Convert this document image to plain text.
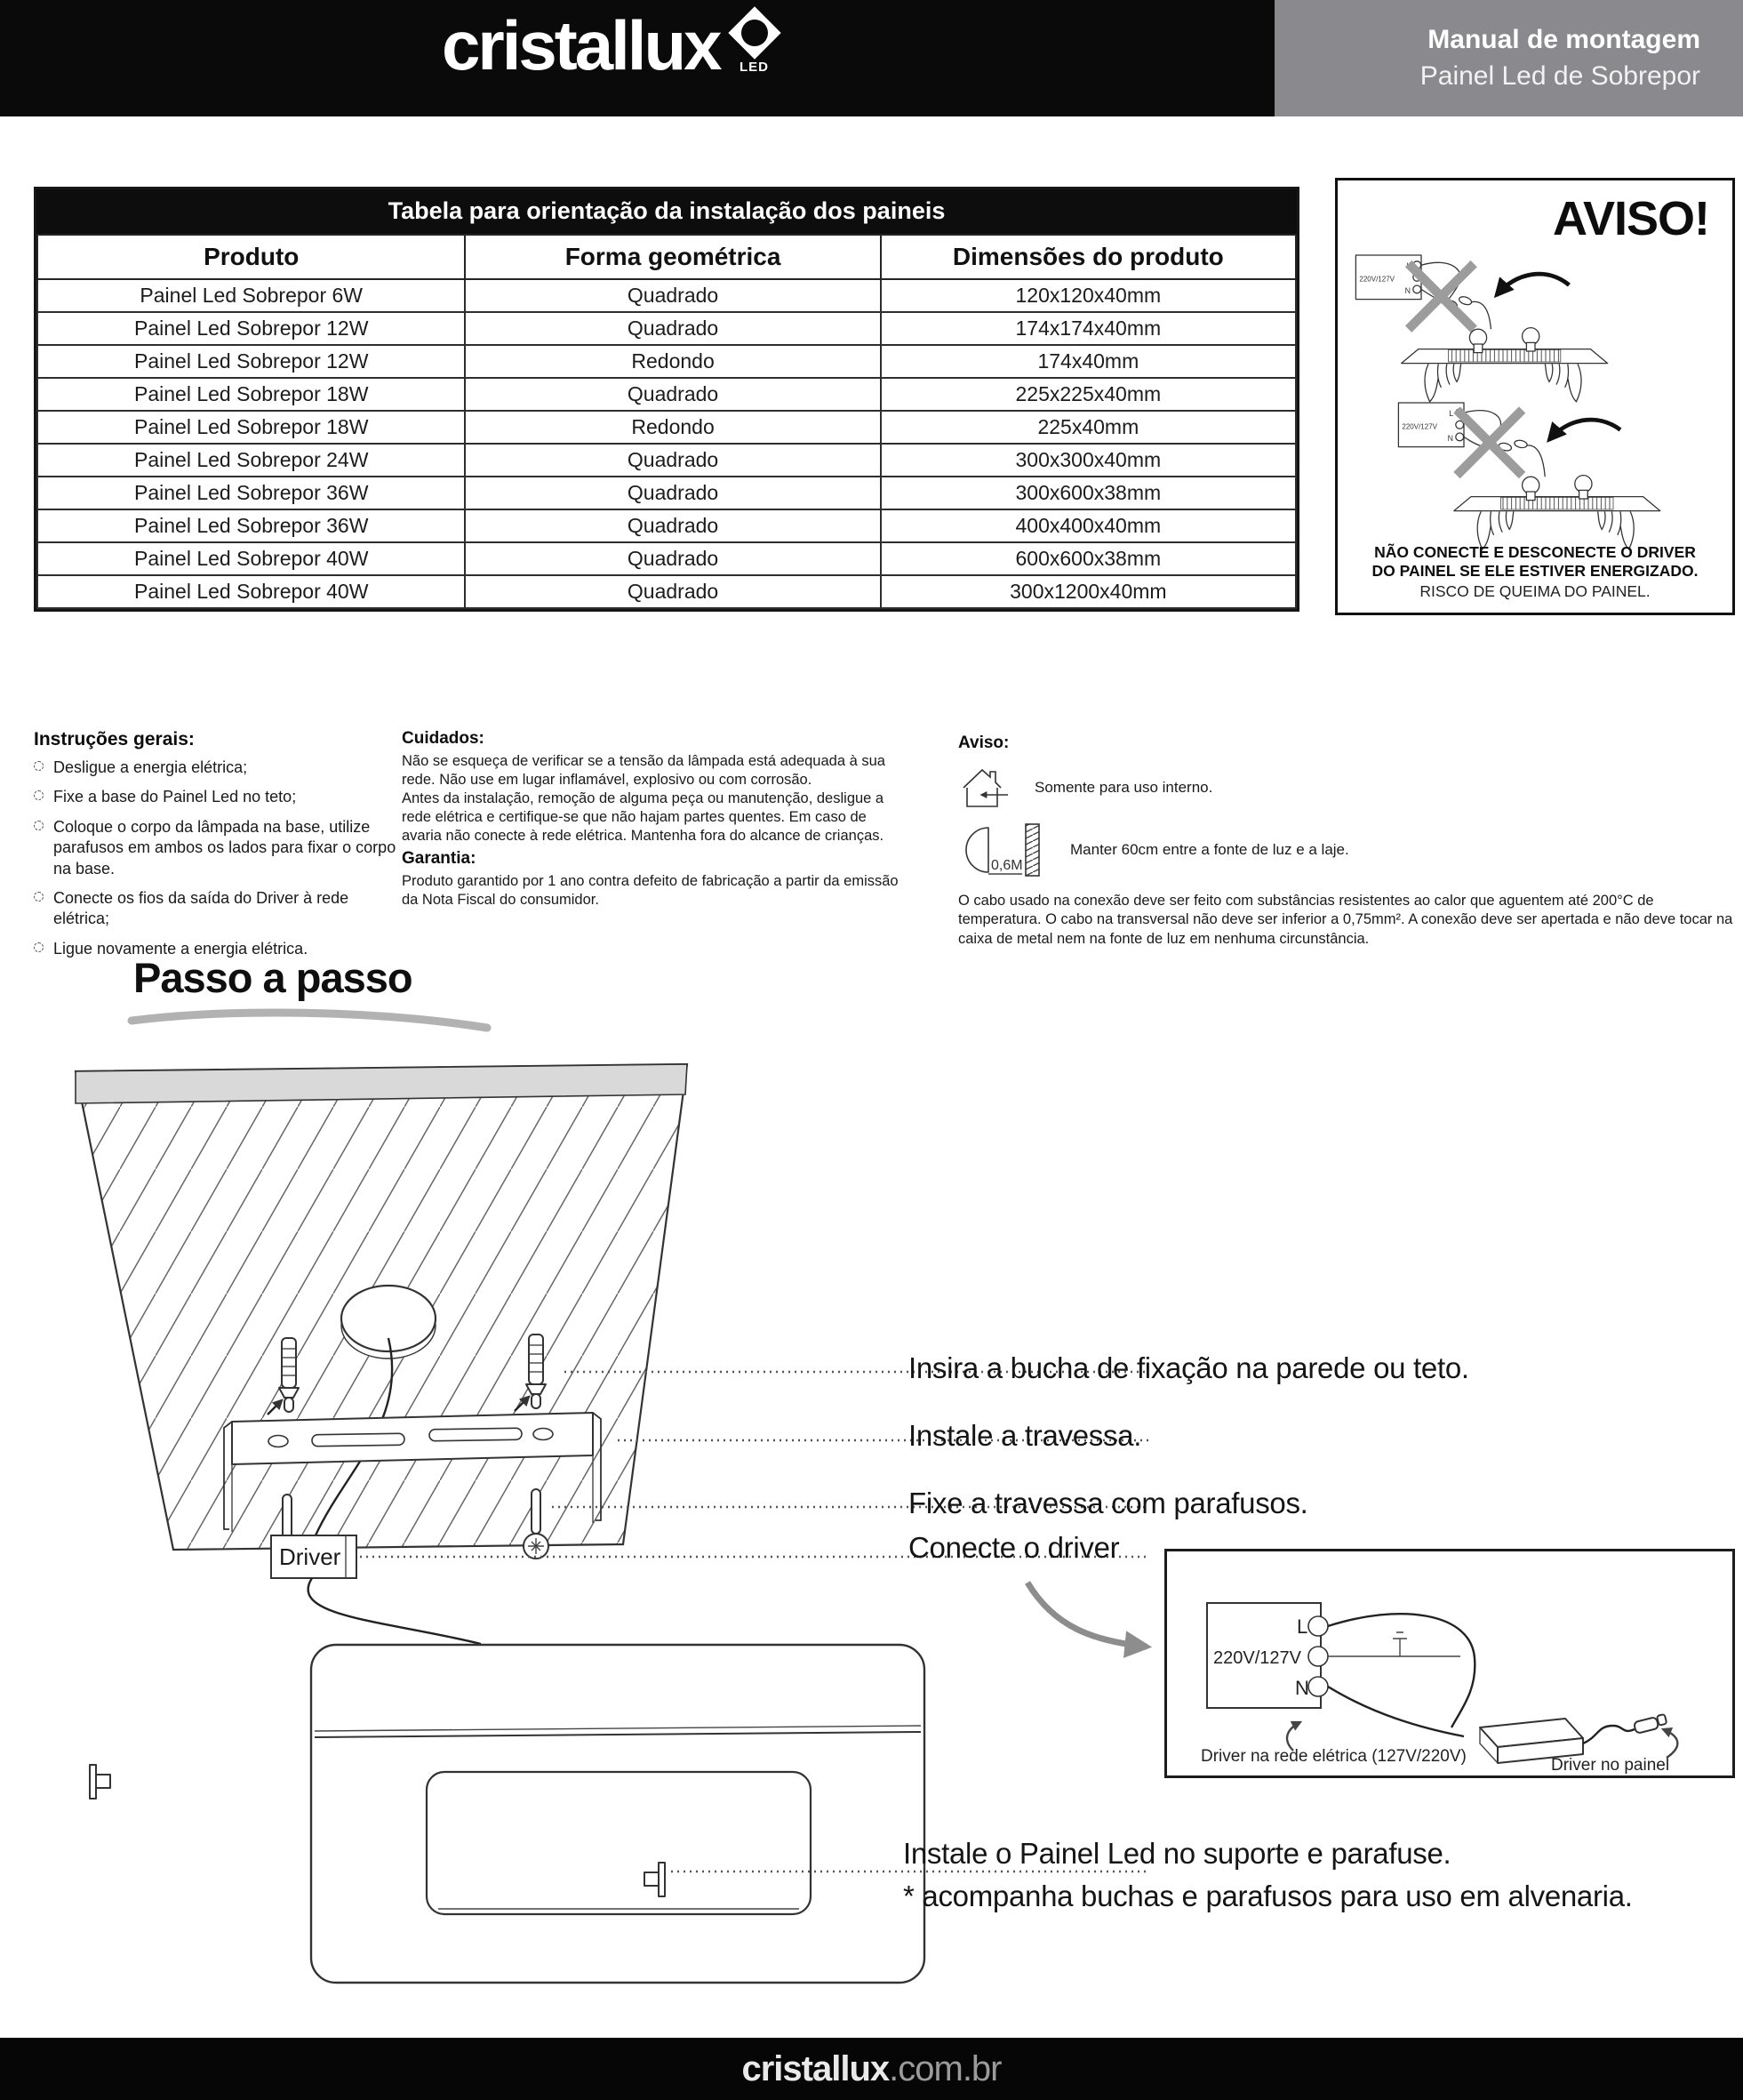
cristallux LED
Manual de montagem
Painel Led de Sobrepor
Tabela para orientação da instalação dos paineis
Produto	Forma geométrica	Dimensões do produto
Painel Led Sobrepor 6W	Quadrado	120x120x40mm
Painel Led Sobrepor 12W	Quadrado	174x174x40mm
Painel Led Sobrepor 12W	Redondo	174x40mm
Painel Led Sobrepor 18W	Quadrado	225x225x40mm
Painel Led Sobrepor 18W	Redondo	225x40mm
Painel Led Sobrepor 24W	Quadrado	300x300x40mm
Painel Led Sobrepor 36W	Quadrado	300x600x38mm
Painel Led Sobrepor 36W	Quadrado	400x400x40mm
Painel Led Sobrepor 40W	Quadrado	600x600x38mm
Painel Led Sobrepor 40W	Quadrado	300x1200x40mm
AVISO!
220V/127V
N
220V/127V
L
N
NÃO CONECTE E DESCONECTE O DRIVER DO PAINEL SE ELE ESTIVER ENERGIZADO.
RISCO DE QUEIMA DO PAINEL.
Instruções gerais:
Desligue a energia elétrica;
Fixe a base do Painel Led no teto;
Coloque o corpo da lâmpada na base, utilize parafusos em ambos os lados para fixar o corpo na base.
Conecte os fios da saída do Driver à rede elétrica;
Ligue novamente a energia elétrica.
Cuidados:

Não se esqueça de verificar se a tensão da lâmpada está adequada à sua rede. Não use em lugar inflamável, explosivo ou com corrosão.

Antes da instalação, remoção de alguma peça ou manutenção, desligue a rede elétrica e certifique-se que não hajam partes quentes. Em caso de avaria não conecte à rede elétrica. Mantenha fora do alcance de crianças.

Garantia:

Produto garantido por 1 ano contra defeito de fabricação a partir da emissão da Nota Fiscal do consumidor.

Aviso:
Somente para uso interno.
0,6M
Manter 60cm entre a fonte de luz e a laje.
O cabo usado na conexão deve ser feito com substâncias resistentes ao calor que aguentem até 200°C de temperatura. O cabo na transversal não deve ser inferior a 0,75mm². A conexão deve ser apertada e não deve tocar na caixa de metal nem na fonte de luz em nenhuma circunstância.
Passo a passo
Driver
Insira a bucha de fixação na parede ou teto.
Instale a travessa.
Fixe a travessa com parafusos.
Conecte o driver
Instale o Painel Led no suporte e parafuse.
* acompanha buchas e parafusos para uso em alvenaria.
220V/127V
L
N
Driver na rede elétrica (127V/220V)	Driver no painel
cristallux .com.br
